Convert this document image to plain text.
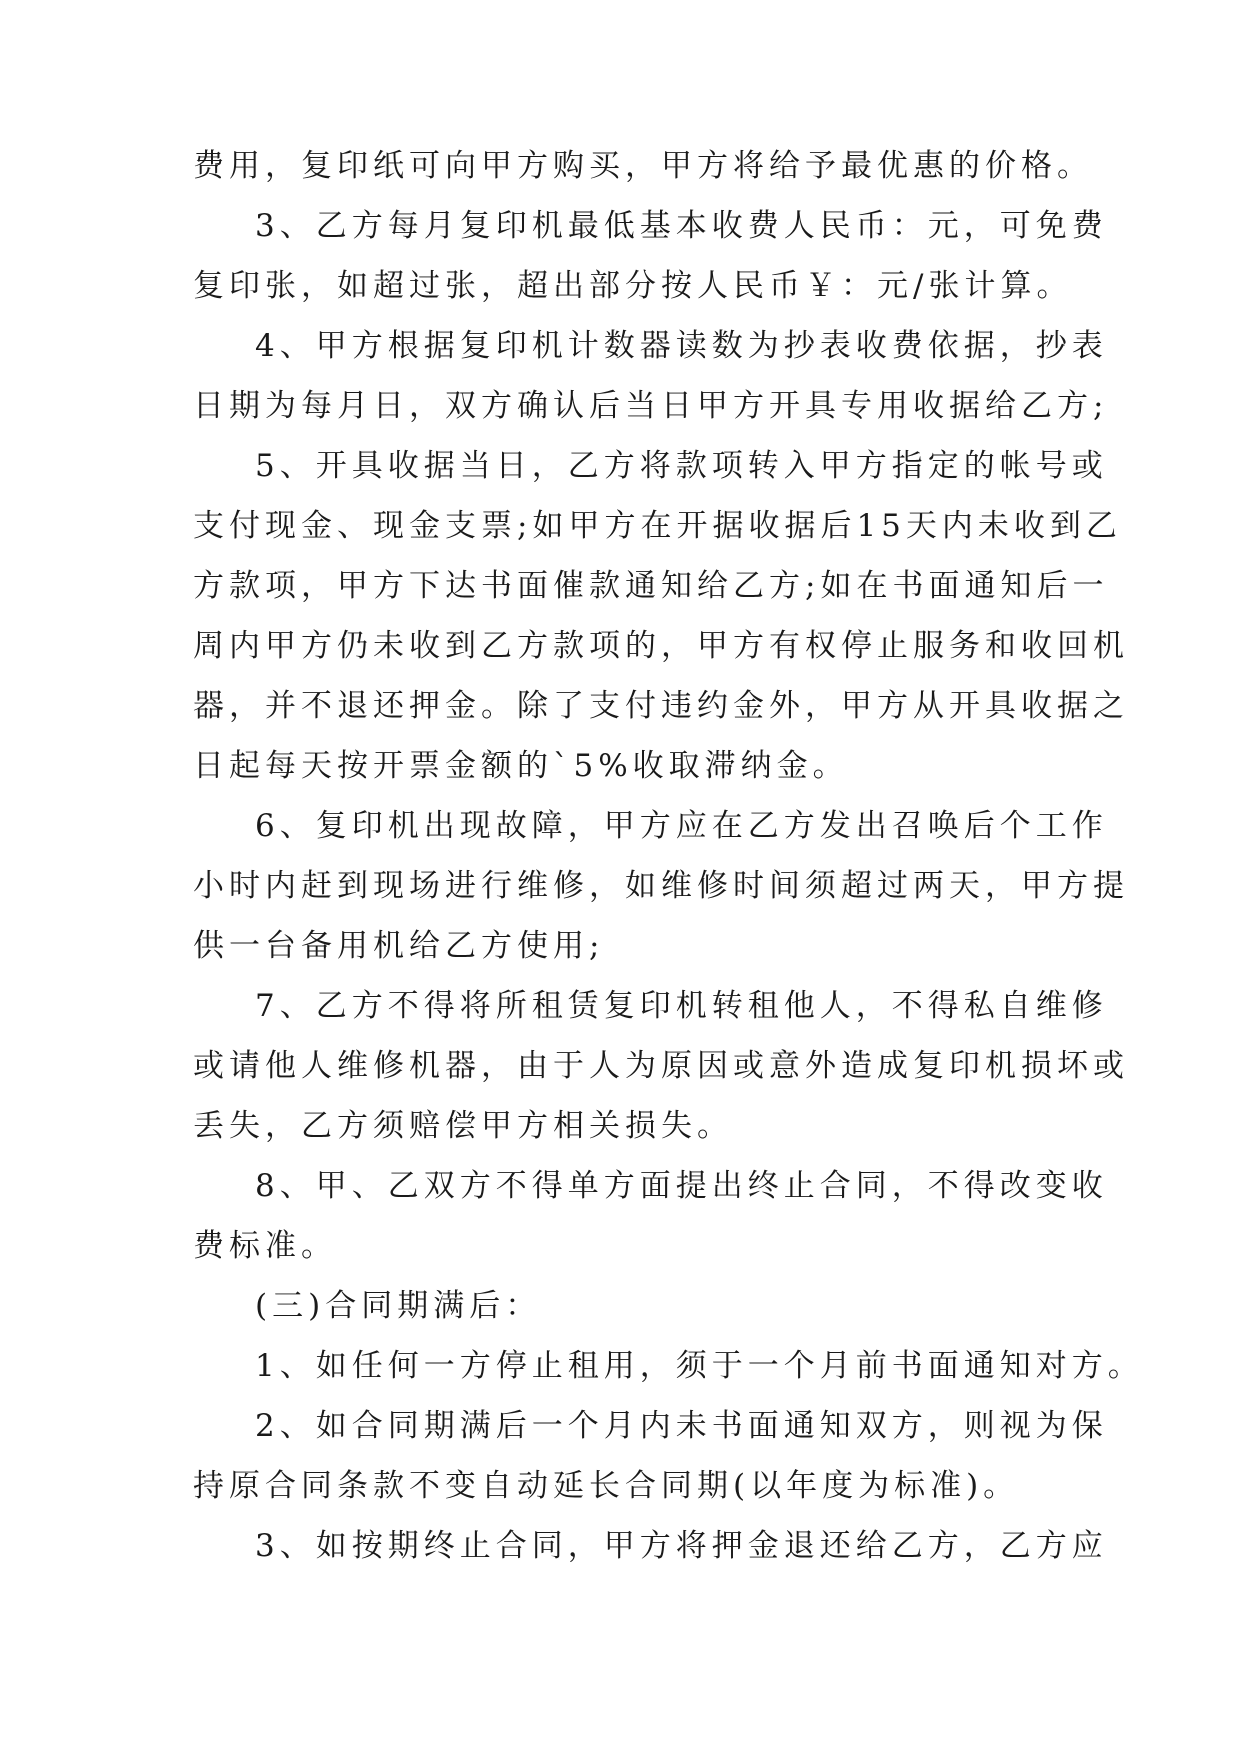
费用，复印纸可向甲方购买，甲方将给予最优惠的价格。
3、乙方每月复印机最低基本收费人民币：元，可免费
复印张，如超过张，超出部分按人民币￥：元/张计算。
4、甲方根据复印机计数器读数为抄表收费依据，抄表
日期为每月日，双方确认后当日甲方开具专用收据给乙方;
5、开具收据当日，乙方将款项转入甲方指定的帐号或
支付现金、现金支票;如甲方在开据收据后15天内未收到乙
方款项，甲方下达书面催款通知给乙方;如在书面通知后一
周内甲方仍未收到乙方款项的，甲方有权停止服务和收回机
器，并不退还押金。除了支付违约金外，甲方从开具收据之
日起每天按开票金额的`5%收取滞纳金。
6、复印机出现故障，甲方应在乙方发出召唤后个工作
小时内赶到现场进行维修，如维修时间须超过两天，甲方提
供一台备用机给乙方使用;
7、乙方不得将所租赁复印机转租他人，不得私自维修
或请他人维修机器，由于人为原因或意外造成复印机损坏或
丢失，乙方须赔偿甲方相关损失。
8、甲、乙双方不得单方面提出终止合同，不得改变收
费标准。
(三)合同期满后：
1、如任何一方停止租用，须于一个月前书面通知对方。
2、如合同期满后一个月内未书面通知双方，则视为保
持原合同条款不变自动延长合同期(以年度为标准)。
3、如按期终止合同，甲方将押金退还给乙方，乙方应
